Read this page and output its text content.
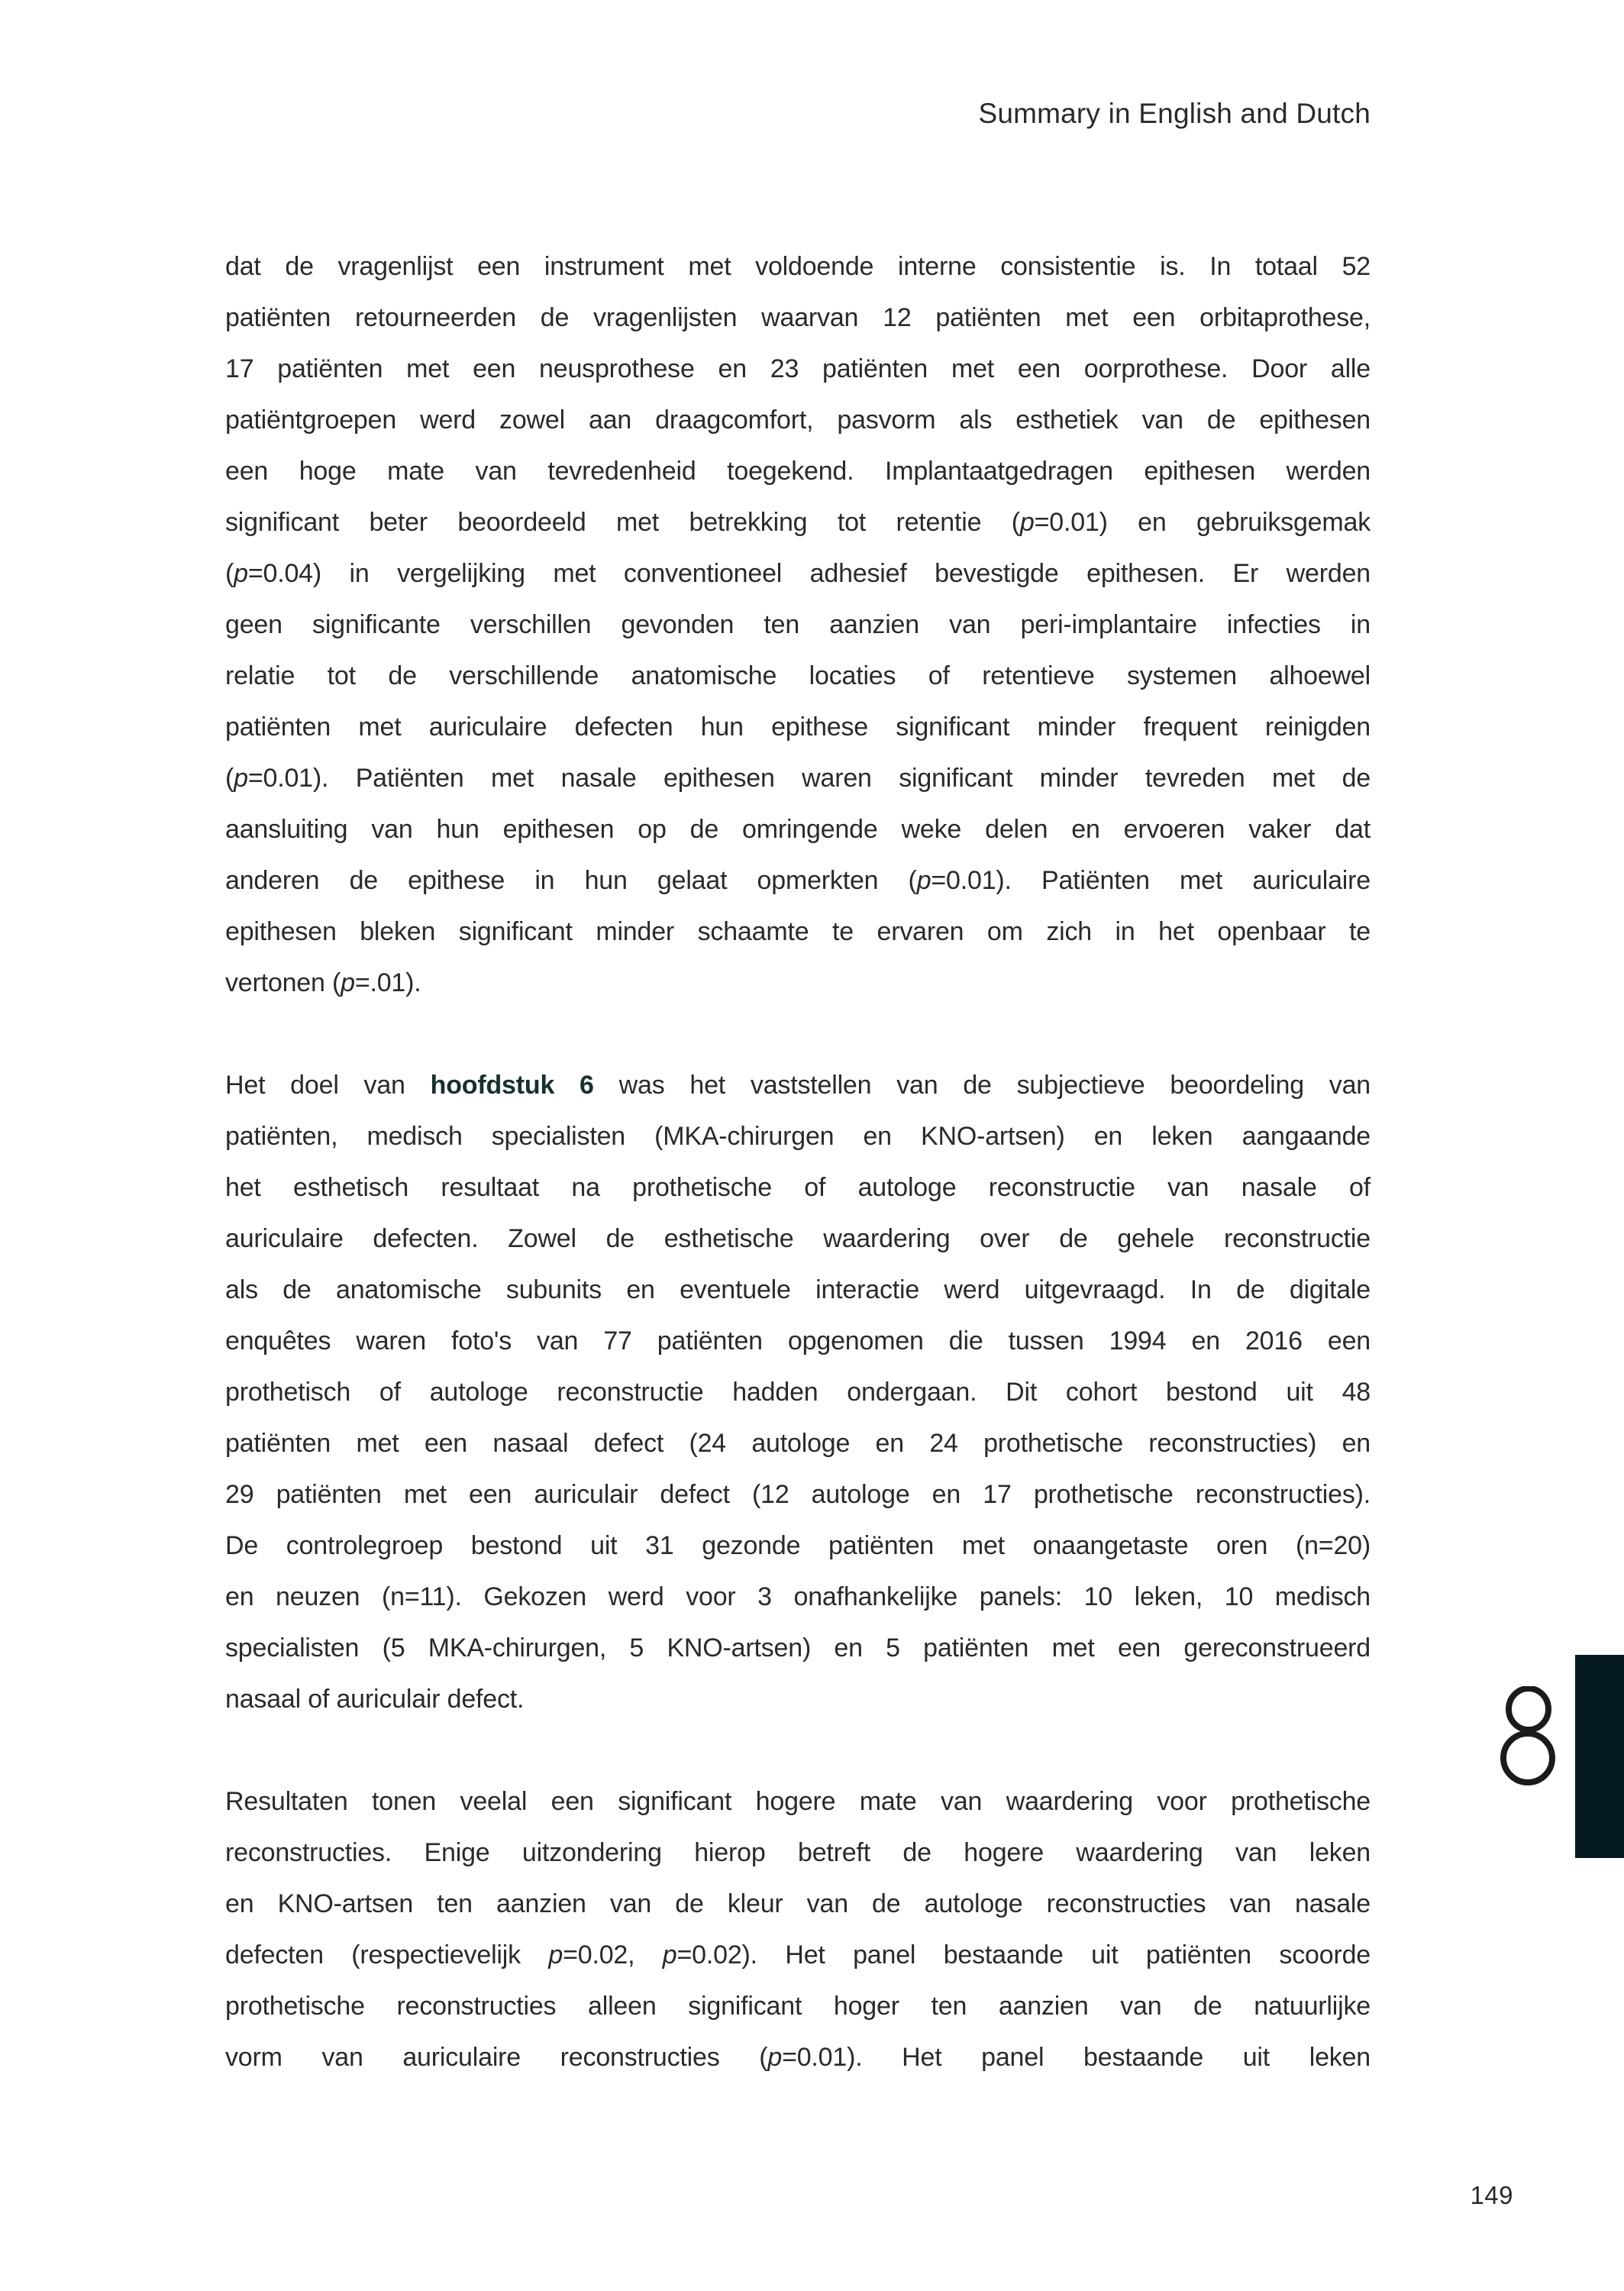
Summary in English and Dutch
dat de vragenlijst een instrument met voldoende interne consistentie is. In totaal 52
patiënten retourneerden de vragenlijsten waarvan 12 patiënten met een orbitaprothese,
17 patiënten met een neusprothese en 23 patiënten met een oorprothese. Door alle
patiëntgroepen werd zowel aan draagcomfort, pasvorm als esthetiek van de epithesen
een hoge mate van tevredenheid toegekend. Implantaatgedragen epithesen werden
significant beter beoordeeld met betrekking tot retentie (p=0.01) en gebruiksgemak
(p=0.04) in vergelijking met conventioneel adhesief bevestigde epithesen. Er werden
geen significante verschillen gevonden ten aanzien van peri-implantaire infecties in
relatie tot de verschillende anatomische locaties of retentieve systemen alhoewel
patiënten met auriculaire defecten hun epithese significant minder frequent reinigden
(p=0.01). Patiënten met nasale epithesen waren significant minder tevreden met de
aansluiting van hun epithesen op de omringende weke delen en ervoeren vaker dat
anderen de epithese in hun gelaat opmerkten (p=0.01). Patiënten met auriculaire
epithesen bleken significant minder schaamte te ervaren om zich in het openbaar te
vertonen (p=.01).
Het doel van hoofdstuk 6 was het vaststellen van de subjectieve beoordeling van
patiënten, medisch specialisten (MKA-chirurgen en KNO-artsen) en leken aangaande
het esthetisch resultaat na prothetische of autologe reconstructie van nasale of
auriculaire defecten. Zowel de esthetische waardering over de gehele reconstructie
als de anatomische subunits en eventuele interactie werd uitgevraagd. In de digitale
enquêtes waren foto's van 77 patiënten opgenomen die tussen 1994 en 2016 een
prothetisch of autologe reconstructie hadden ondergaan. Dit cohort bestond uit 48
patiënten met een nasaal defect (24 autologe en 24 prothetische reconstructies) en
29 patiënten met een auriculair defect (12 autologe en 17 prothetische reconstructies).
De controlegroep bestond uit 31 gezonde patiënten met onaangetaste oren (n=20)
en neuzen (n=11). Gekozen werd voor 3 onafhankelijke panels: 10 leken, 10 medisch
specialisten (5 MKA-chirurgen, 5 KNO-artsen) en 5 patiënten met een gereconstrueerd
nasaal of auriculair defect.
Resultaten tonen veelal een significant hogere mate van waardering voor prothetische
reconstructies. Enige uitzondering hierop betreft de hogere waardering van leken
en KNO-artsen ten aanzien van de kleur van de autologe reconstructies van nasale
defecten (respectievelijk p=0.02, p=0.02). Het panel bestaande uit patiënten scoorde
prothetische reconstructies alleen significant hoger ten aanzien van de natuurlijke
vorm van auriculaire reconstructies (p=0.01). Het panel bestaande uit leken
149
